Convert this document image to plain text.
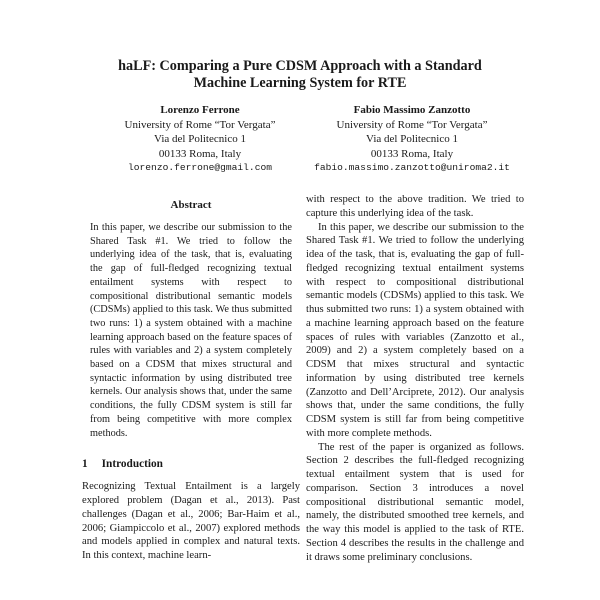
haLF: Comparing a Pure CDSM Approach with a Standard
Machine Learning System for RTE
Lorenzo Ferrone
University of Rome “Tor Vergata”
Via del Politecnico 1
00133 Roma, Italy
lorenzo.ferrone@gmail.com
Fabio Massimo Zanzotto
University of Rome “Tor Vergata”
Via del Politecnico 1
00133 Roma, Italy
fabio.massimo.zanzotto@uniroma2.it
Abstract

In this paper, we describe our submission to the Shared Task #1. We tried to follow the underlying idea of the task, that is, evaluating the gap of full-fledged recognizing textual entailment systems with respect to compositional distributional semantic models (CDSMs) applied to this task. We thus submitted two runs: 1) a system obtained with a machine learning approach based on the feature spaces of rules with variables and 2) a system completely based on a CDSM that mixes structural and syntactic information by using distributed tree kernels. Our analysis shows that, under the same conditions, the fully CDSM system is still far from being competitive with more complex methods.

1 Introduction

Recognizing Textual Entailment is a largely explored problem (Dagan et al., 2013). Past challenges (Dagan et al., 2006; Bar-Haim et al., 2006; Giampiccolo et al., 2007) explored methods and models applied in complex and natural texts. In this context, machine learn-

with respect to the above tradition. We tried to capture this underlying idea of the task.

In this paper, we describe our submission to the Shared Task #1. We tried to follow the underlying idea of the task, that is, evaluating the gap of full-fledged recognizing textual entailment systems with respect to compositional distributional semantic models (CDSMs) applied to this task. We thus submitted two runs: 1) a system obtained with a machine learning approach based on the feature spaces of rules with variables (Zanzotto et al., 2009) and 2) a system completely based on a CDSM that mixes structural and syntactic information by using distributed tree kernels (Zanzotto and Dell’Arciprete, 2012). Our analysis shows that, under the same conditions, the fully CDSM system is still far from being competitive with more complete methods.

The rest of the paper is organized as follows. Section 2 describes the full-fledged recognizing textual entailment system that is used for comparison. Section 3 introduces a novel compositional distributional semantic model, namely, the distributed smoothed tree kernels, and the way this model is applied to the task of RTE. Section 4 describes the results in the challenge and it draws some preliminary conclusions.
